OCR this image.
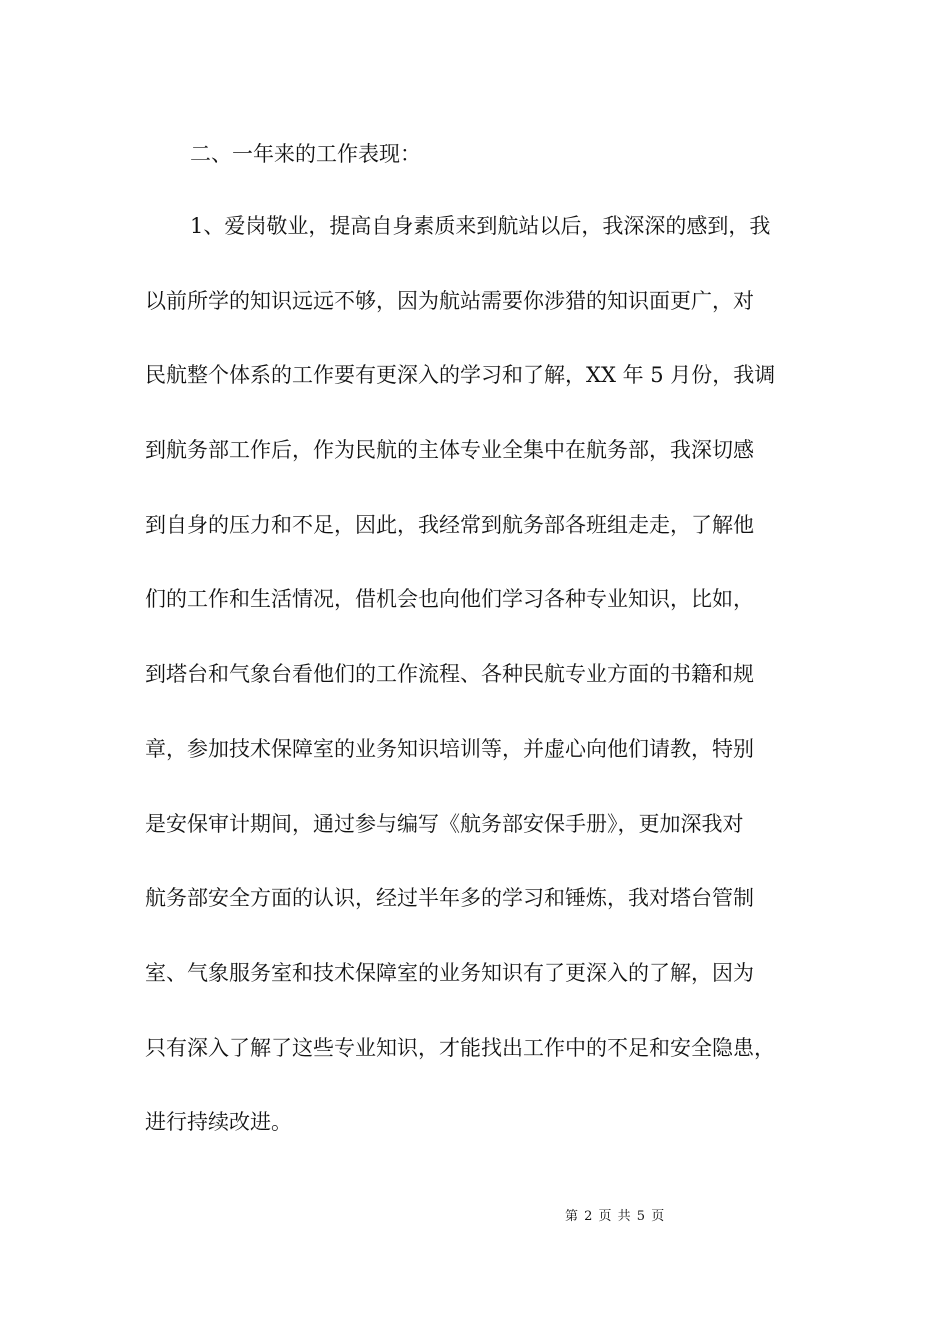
二、一年来的工作表现：
1、爱岗敬业，提高自身素质来到航站以后，我深深的感到，我
以前所学的知识远远不够，因为航站需要你涉猎的知识面更广，对
民航整个体系的工作要有更深入的学习和了解，XX 年 5 月份，我调
到航务部工作后，作为民航的主体专业全集中在航务部，我深切感
到自身的压力和不足，因此，我经常到航务部各班组走走，了解他
们的工作和生活情况，借机会也向他们学习各种专业知识，比如，
到塔台和气象台看他们的工作流程、各种民航专业方面的书籍和规
章，参加技术保障室的业务知识培训等，并虚心向他们请教，特别
是安保审计期间，通过参与编写《航务部安保手册》，更加深我对
航务部安全方面的认识，经过半年多的学习和锤炼，我对塔台管制
室、气象服务室和技术保障室的业务知识有了更深入的了解，因为
只有深入了解了这些专业知识，才能找出工作中的不足和安全隐患，
进行持续改进。
第 2 页 共 5 页
